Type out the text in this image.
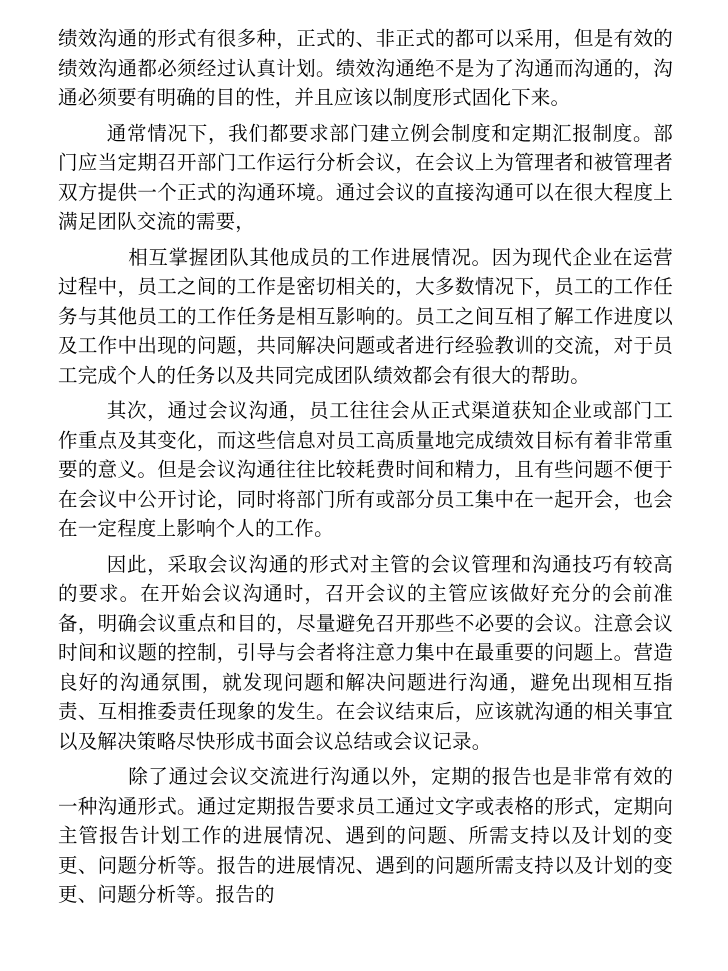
绩效沟通的形式有很多种，正式的、非正式的都可以采用，但是有效的绩效沟通都必须经过认真计划。绩效沟通绝不是为了沟通而沟通的，沟通必须要有明确的目的性，并且应该以制度形式固化下来。

通常情况下，我们都要求部门建立例会制度和定期汇报制度。部门应当定期召开部门工作运行分析会议，在会议上为管理者和被管理者双方提供一个正式的沟通环境。通过会议的直接沟通可以在很大程度上满足团队交流的需要，

相互掌握团队其他成员的工作进展情况。因为现代企业在运营过程中，员工之间的工作是密切相关的，大多数情况下，员工的工作任务与其他员工的工作任务是相互影响的。员工之间互相了解工作进度以及工作中出现的问题，共同解决问题或者进行经验教训的交流，对于员工完成个人的任务以及共同完成团队绩效都会有很大的帮助。

其次，通过会议沟通，员工往往会从正式渠道获知企业或部门工作重点及其变化，而这些信息对员工高质量地完成绩效目标有着非常重要的意义。但是会议沟通往往比较耗费时间和精力，且有些问题不便于在会议中公开讨论，同时将部门所有或部分员工集中在一起开会，也会在一定程度上影响个人的工作。

因此，采取会议沟通的形式对主管的会议管理和沟通技巧有较高的要求。在开始会议沟通时，召开会议的主管应该做好充分的会前准备，明确会议重点和目的，尽量避免召开那些不必要的会议。注意会议时间和议题的控制，引导与会者将注意力集中在最重要的问题上。营造良好的沟通氛围，就发现问题和解决问题进行沟通，避免出现相互指责、互相推委责任现象的发生。在会议结束后，应该就沟通的相关事宜以及解决策略尽快形成书面会议总结或会议记录。

除了通过会议交流进行沟通以外，定期的报告也是非常有效的一种沟通形式。通过定期报告要求员工通过文字或表格的形式，定期向主管报告计划工作的进展情况、遇到的问题、所需支持以及计划的变更、问题分析等。报告的进展情况、遇到的问题所需支持以及计划的变更、问题分析等。报告的
